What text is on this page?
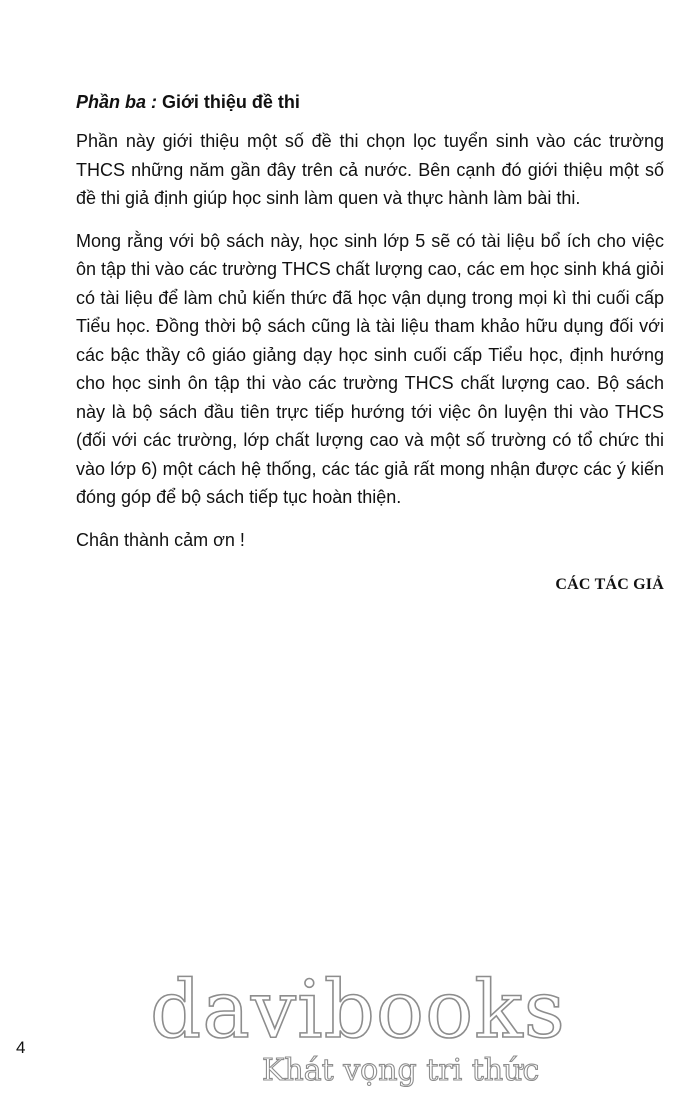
Phần ba : Giới thiệu đề thi

Phần này giới thiệu một số đề thi chọn lọc tuyển sinh vào các trường THCS những năm gần đây trên cả nước. Bên cạnh đó giới thiệu một số đề thi giả định giúp học sinh làm quen và thực hành làm bài thi.

Mong rằng với bộ sách này, học sinh lớp 5 sẽ có tài liệu bổ ích cho việc ôn tập thi vào các trường THCS chất lượng cao, các em học sinh khá giỏi có tài liệu để làm chủ kiến thức đã học vận dụng trong mọi kì thi cuối cấp Tiểu học. Đồng thời bộ sách cũng là tài liệu tham khảo hữu dụng đối với các bậc thầy cô giáo giảng dạy học sinh cuối cấp Tiểu học, định hướng cho học sinh ôn tập thi vào các trường THCS chất lượng cao. Bộ sách này là bộ sách đầu tiên trực tiếp hướng tới việc ôn luyện thi vào THCS (đối với các trường, lớp chất lượng cao và một số trường có tổ chức thi vào lớp 6) một cách hệ thống, các tác giả rất mong nhận được các ý kiến đóng góp để bộ sách tiếp tục hoàn thiện.

Chân thành cảm ơn !

CÁC TÁC GIẢ
4 davibooks
Khát vọng tri thức
